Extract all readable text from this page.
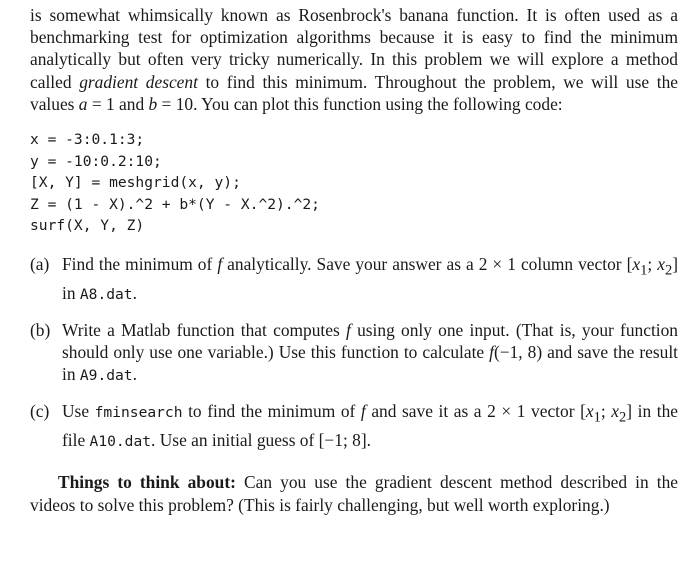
is somewhat whimsically known as Rosenbrock's banana function. It is often used as a benchmarking test for optimization algorithms because it is easy to find the minimum analytically but often very tricky numerically. In this problem we will explore a method called gradient descent to find this minimum. Throughout the problem, we will use the values a = 1 and b = 10. You can plot this function using the following code:

x = -3:0.1:3;
y = -10:0.2:10;
[X, Y] = meshgrid(x, y);
Z = (1 - X).^2 + b*(Y - X.^2).^2;
surf(X, Y, Z)
(a) Find the minimum of f analytically. Save your answer as a 2 × 1 column vector [$x_1$; $x_2$] in A8.dat.
(b) Write a Matlab function that computes f using only one input. (That is, your function should only use one variable.) Use this function to calculate f(−1, 8) and save the result in A9.dat.
(c) Use fminsearch to find the minimum of f and save it as a 2 × 1 vector [$x_1$; $x_2$] in the file A10.dat. Use an initial guess of [−1; 8].

Things to think about: Can you use the gradient descent method described in the videos to solve this problem? (This is fairly challenging, but well worth exploring.)
